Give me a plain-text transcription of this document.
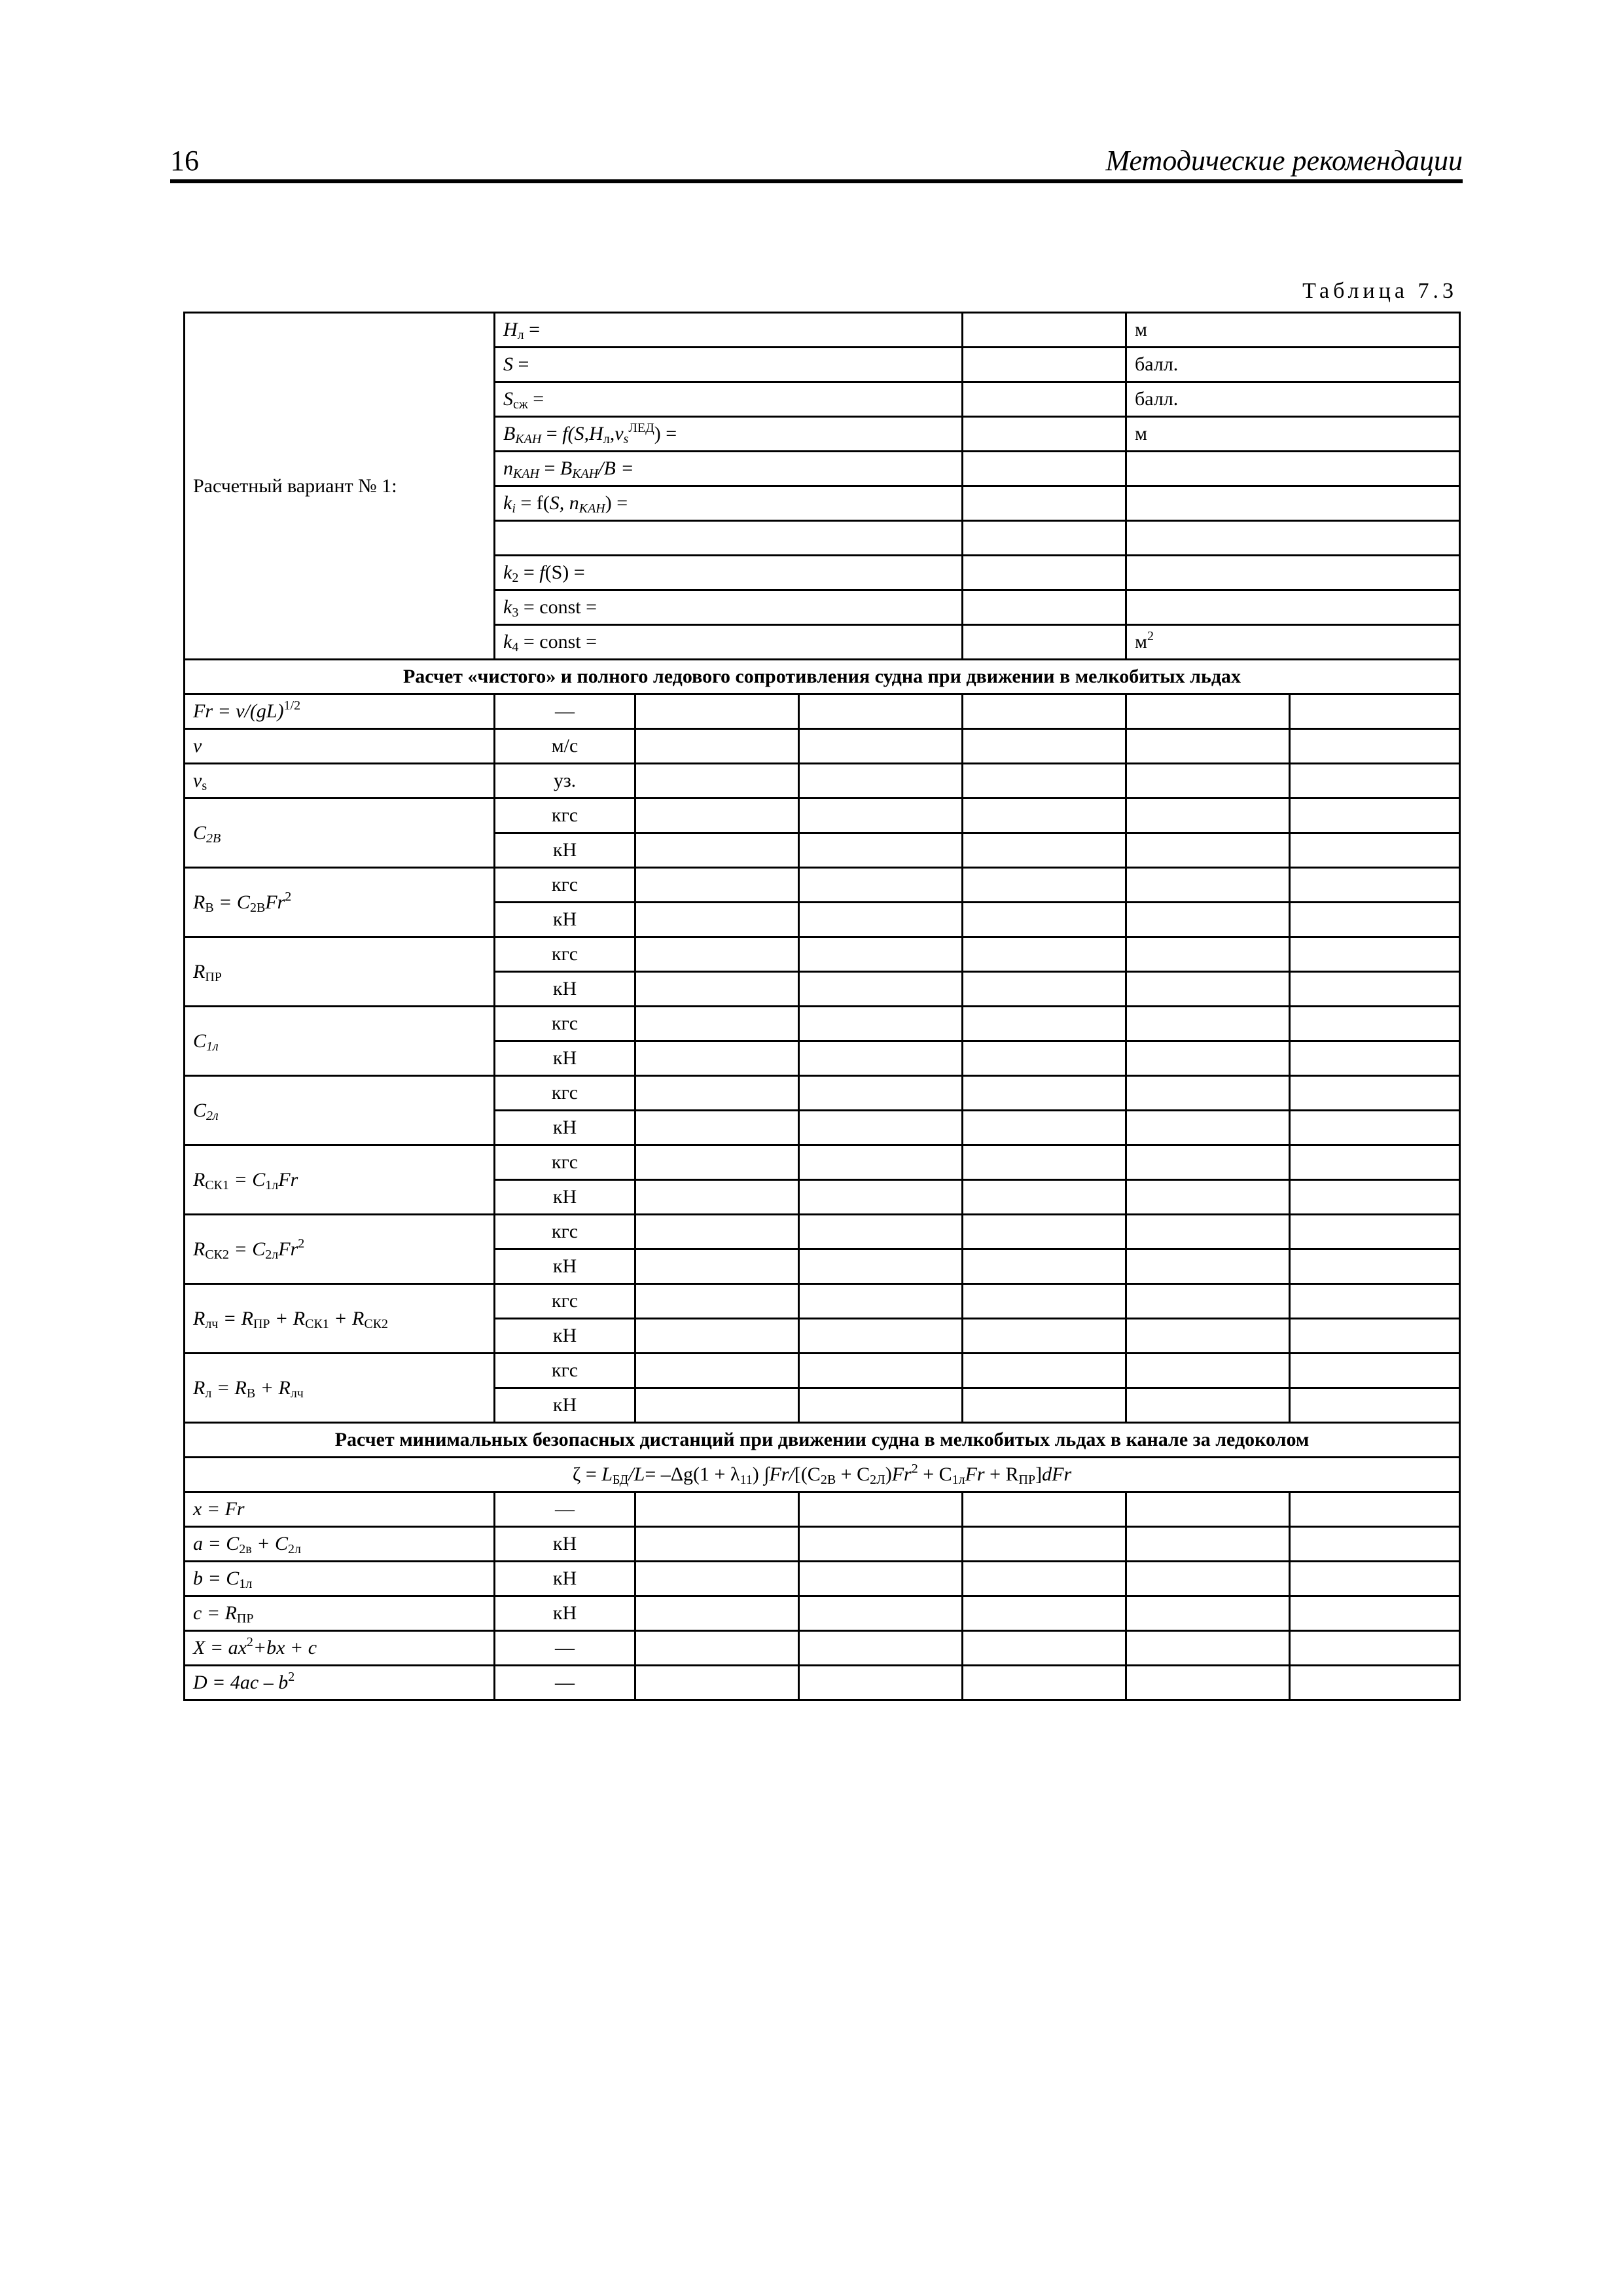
16	Методические рекомендации
Таблица 7.3
Расчетный вариант № 1:	$H_л$ =				м	
	S =				балл.	
	$S_{сж}$ =				балл.	
	$B_{КАН} = f(S,H_л,v_s^{ЛЕД})$ =				м	
	$n_{КАН} = B_{КАН}/B$ =					
	$k_i = f(S$, $n_{КАН}$) =					

	$k_2 = f(S)$ =					
	$k_3$ = const =					
	$k_4$ = const =				$м^2$
Расчет «чистого» и полного ледового сопротивления судна при движении в мелкобитых льдах						
Fr = v/(gL)$^{1/2}$	—					
v	м/с					
$v_s$	уз.					
$C_{2B}$	кгс					
	кН					
$R_В = C_{2B}Fr^2$	кгс					
	кН					
$R_{ПР}$	кгс					
	кН					
$C_{1л}$	кгс					
	кН					
$C_{2л}$	кгс					
	кН					
$R_{СК1} = C_{1л}Fr$	кгс					
	кН					
$R_{СК2} = C_{2л}Fr^2$	кгс					
	кН					
$R_{лч} = R_{ПР} + R_{СК1} + R_{СК2}$	кгс					
	кН					
$R_л = R_В + R_{лч}$	кгс					
	кН					
Расчет минимальных безопасных дистанций при движении судна в мелкобитых льдах в канале за ледоколом						
$\zeta = L_{БД}/L= -\Delta g(1 + \lambda_{11}) \int Fr/[(C_{2В} + C_{2Л})Fr^2 + C_{1л}Fr + R_{ПР}]dFr$						
x = Fr	—					
$a = C_{2в} + C_{2л}$	кН					
$b = C_{1л}$	кН					
$c = R_{ПР}$	кН					
$X = ax^2+bx + c$	—					
$D = 4ac - b^2$	—					
